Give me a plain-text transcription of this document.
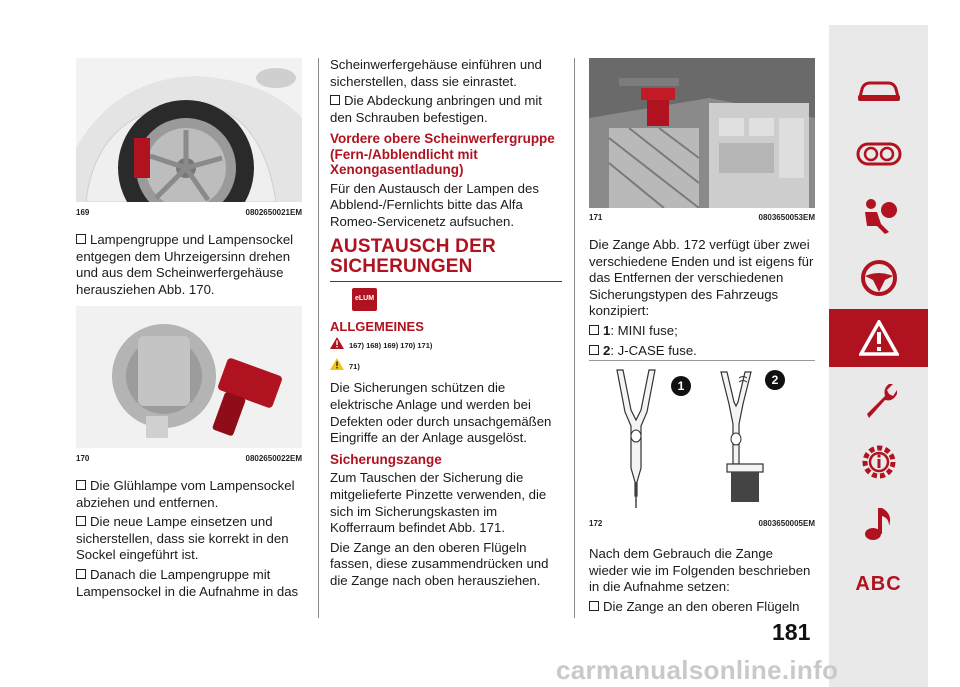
169	0802650021EM

Lampengruppe und Lampensockel entgegen dem Uhrzeigersinn drehen und aus dem Scheinwerfergehäuse herausziehen Abb. 170.

170	0802650022EM

Die Glühlampe vom Lampensockel abziehen und entfernen.

Die neue Lampe einsetzen und sicherstellen, dass sie korrekt in den Sockel eingeführt ist.

Danach die Lampengruppe mit Lampensockel in die Aufnahme in das

Scheinwerfergehäuse einführen und sicherstellen, dass sie einrastet.

Die Abdeckung anbringen und mit den Schrauben befestigen.

Vordere obere Scheinwerfergruppe (Fern-/Abblendlicht mit Xenongasentladung)

Für den Austausch der Lampen des Abblend-/Fernlichts bitte das Alfa Romeo-Servicenetz aufsuchen.

AUSTAUSCH DER
SICHERUNGEN
eLUM
ALLGEMEINES
167) 168) 169) 170) 171)
71)

Die Sicherungen schützen die elektrische Anlage und werden bei Defekten oder durch unsachgemäßen Eingriffe an der Anlage ausgelöst.

Sicherungszange

Zum Tauschen der Sicherung die mitgelieferte Pinzette verwenden, die sich im Sicherungskasten im Kofferraum befindet Abb. 171.

Die Zange an den oberen Flügeln fassen, diese zusammendrücken und die Zange nach oben herausziehen.

171	0803650053EM

Die Zange Abb. 172 verfügt über zwei verschiedene Enden und ist eigens für das Entfernen der verschiedenen Sicherungstypen des Fahrzeugs konzipiert:

1: MINI fuse;

2: J-CASE fuse.

1	2
172	0803650005EM

Nach dem Gebrauch die Zange wieder wie im Folgenden beschrieben in die Aufnahme setzen:

Die Zange an den oberen Flügeln

181
ABC
carmanualsonline.info
